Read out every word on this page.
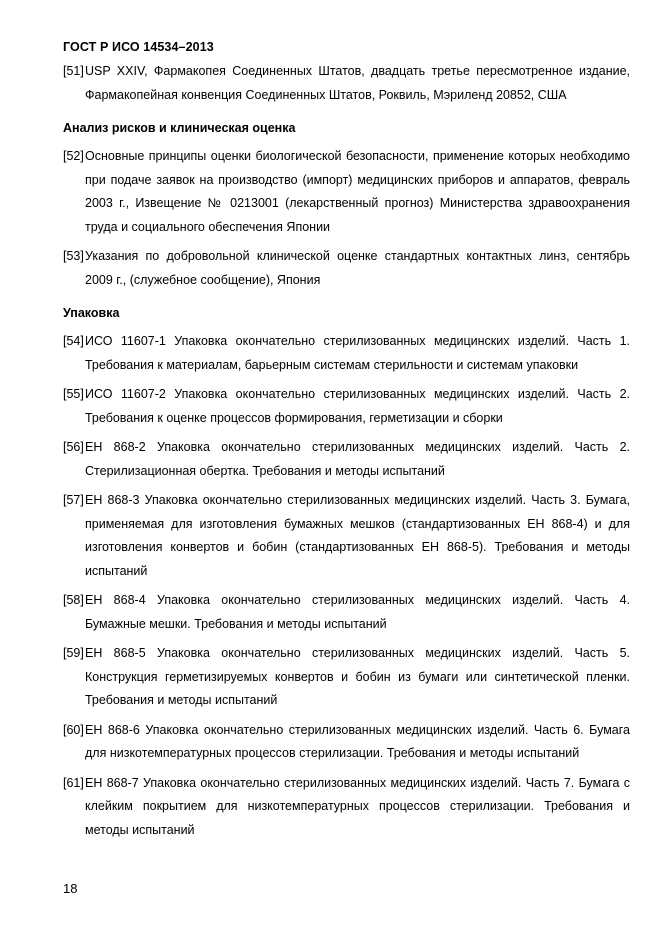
ГОСТ Р ИСО 14534–2013
[51]USP XXIV, Фармакопея Соединенных Штатов, двадцать третье пересмотренное издание, Фармакопейная конвенция Соединенных Штатов, Роквиль, Мэриленд 20852, США
Анализ рисков и клиническая оценка
[52]Основные принципы оценки биологической безопасности, применение которых необходимо при подаче заявок на производство (импорт) медицинских приборов и аппаратов, февраль 2003 г., Извещение № 0213001 (лекарственный прогноз) Министерства здравоохранения труда и социального обеспечения Японии
[53]Указания по добровольной клинической оценке стандартных контактных линз, сентябрь 2009 г., (служебное сообщение), Япония
Упаковка
[54]ИСО 11607-1 Упаковка окончательно стерилизованных медицинских изделий. Часть 1. Требования к материалам, барьерным системам стерильности и системам упаковки
[55]ИСО 11607-2 Упаковка окончательно стерилизованных медицинских изделий. Часть 2. Требования к оценке процессов формирования, герметизации и сборки
[56]ЕН 868-2 Упаковка окончательно стерилизованных медицинских изделий. Часть 2. Стерилизационная обертка. Требования и методы испытаний
[57]ЕН 868-3 Упаковка окончательно стерилизованных медицинских изделий. Часть 3. Бумага, применяемая для изготовления бумажных мешков (стандартизованных ЕН 868-4) и для изготовления конвертов и бобин (стандартизованных ЕН 868-5). Требования и методы испытаний
[58]ЕН 868-4 Упаковка окончательно стерилизованных медицинских изделий. Часть 4. Бумажные мешки. Требования и методы испытаний
[59]ЕН 868-5 Упаковка окончательно стерилизованных медицинских изделий. Часть 5. Конструкция герметизируемых конвертов и бобин из бумаги или синтетической пленки. Требования и методы испытаний
[60]ЕН 868-6 Упаковка окончательно стерилизованных медицинских изделий. Часть 6. Бумага для низкотемпературных процессов стерилизации. Требования и методы испытаний
[61]ЕН 868-7 Упаковка окончательно стерилизованных медицинских изделий. Часть 7. Бумага с клейким покрытием для низкотемпературных процессов стерилизации. Требования и методы испытаний
18
